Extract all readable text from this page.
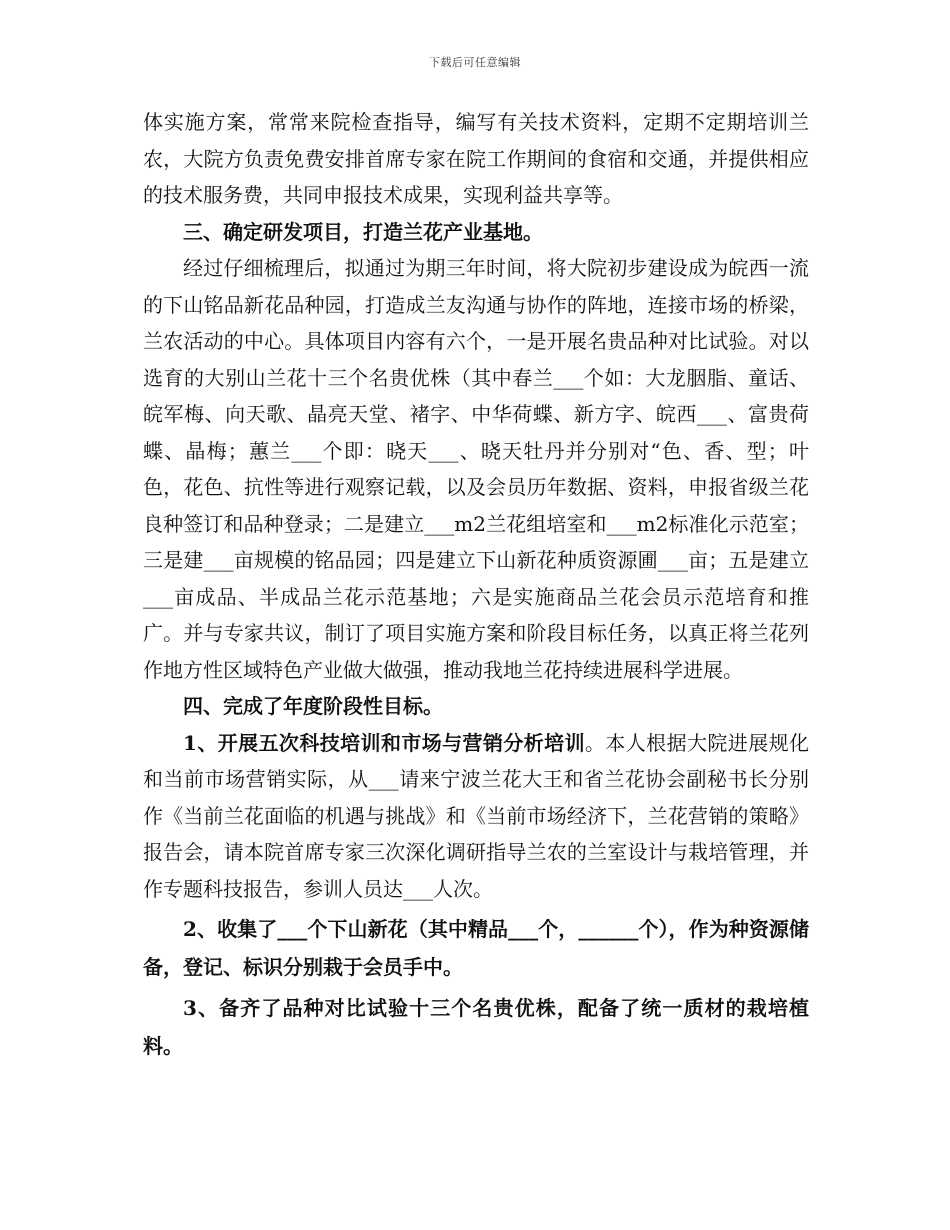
下载后可任意编辑

体实施方案，常常来院检查指导，编写有关技术资料，定期不定期培训兰农，大院方负责免费安排首席专家在院工作期间的食宿和交通，并提供相应的技术服务费，共同申报技术成果，实现利益共享等。

三、确定研发项目，打造兰花产业基地。

经过仔细梳理后，拟通过为期三年时间，将大院初步建设成为皖西一流的下山铭品新花品种园，打造成兰友沟通与协作的阵地，连接市场的桥梁，兰农活动的中心。具体项目内容有六个，一是开展名贵品种对比试验。对以选育的大别山兰花十三个名贵优株（其中春兰___个如：大龙胭脂、童话、皖军梅、向天歌、晶亮天堂、褚字、中华荷蝶、新方字、皖西___、富贵荷蝶、晶梅；蕙兰___个即：晓天___、晓天牡丹并分别对“色、香、型；叶色，花色、抗性等进行观察记载，以及会员历年数据、资料，申报省级兰花良种签订和品种登录；二是建立___m2兰花组培室和___m2标准化示范室；三是建___亩规模的铭品园；四是建立下山新花种质资源圃___亩；五是建立___亩成品、半成品兰花示范基地；六是实施商品兰花会员示范培育和推广。并与专家共议，制订了项目实施方案和阶段目标任务，以真正将兰花列作地方性区域特色产业做大做强，推动我地兰花持续进展科学进展。

四、完成了年度阶段性目标。

1、开展五次科技培训和市场与营销分析培训。本人根据大院进展规化和当前市场营销实际，从___请来宁波兰花大王和省兰花协会副秘书长分别作《当前兰花面临的机遇与挑战》和《当前市场经济下，兰花营销的策略》报告会，请本院首席专家三次深化调研指导兰农的兰室设计与栽培管理，并作专题科技报告，参训人员达___人次。

2、收集了___个下山新花（其中精品___个，______个），作为种资源储备，登记、标识分别栽于会员手中。

3、备齐了品种对比试验十三个名贵优株，配备了统一质材的栽培植料。
